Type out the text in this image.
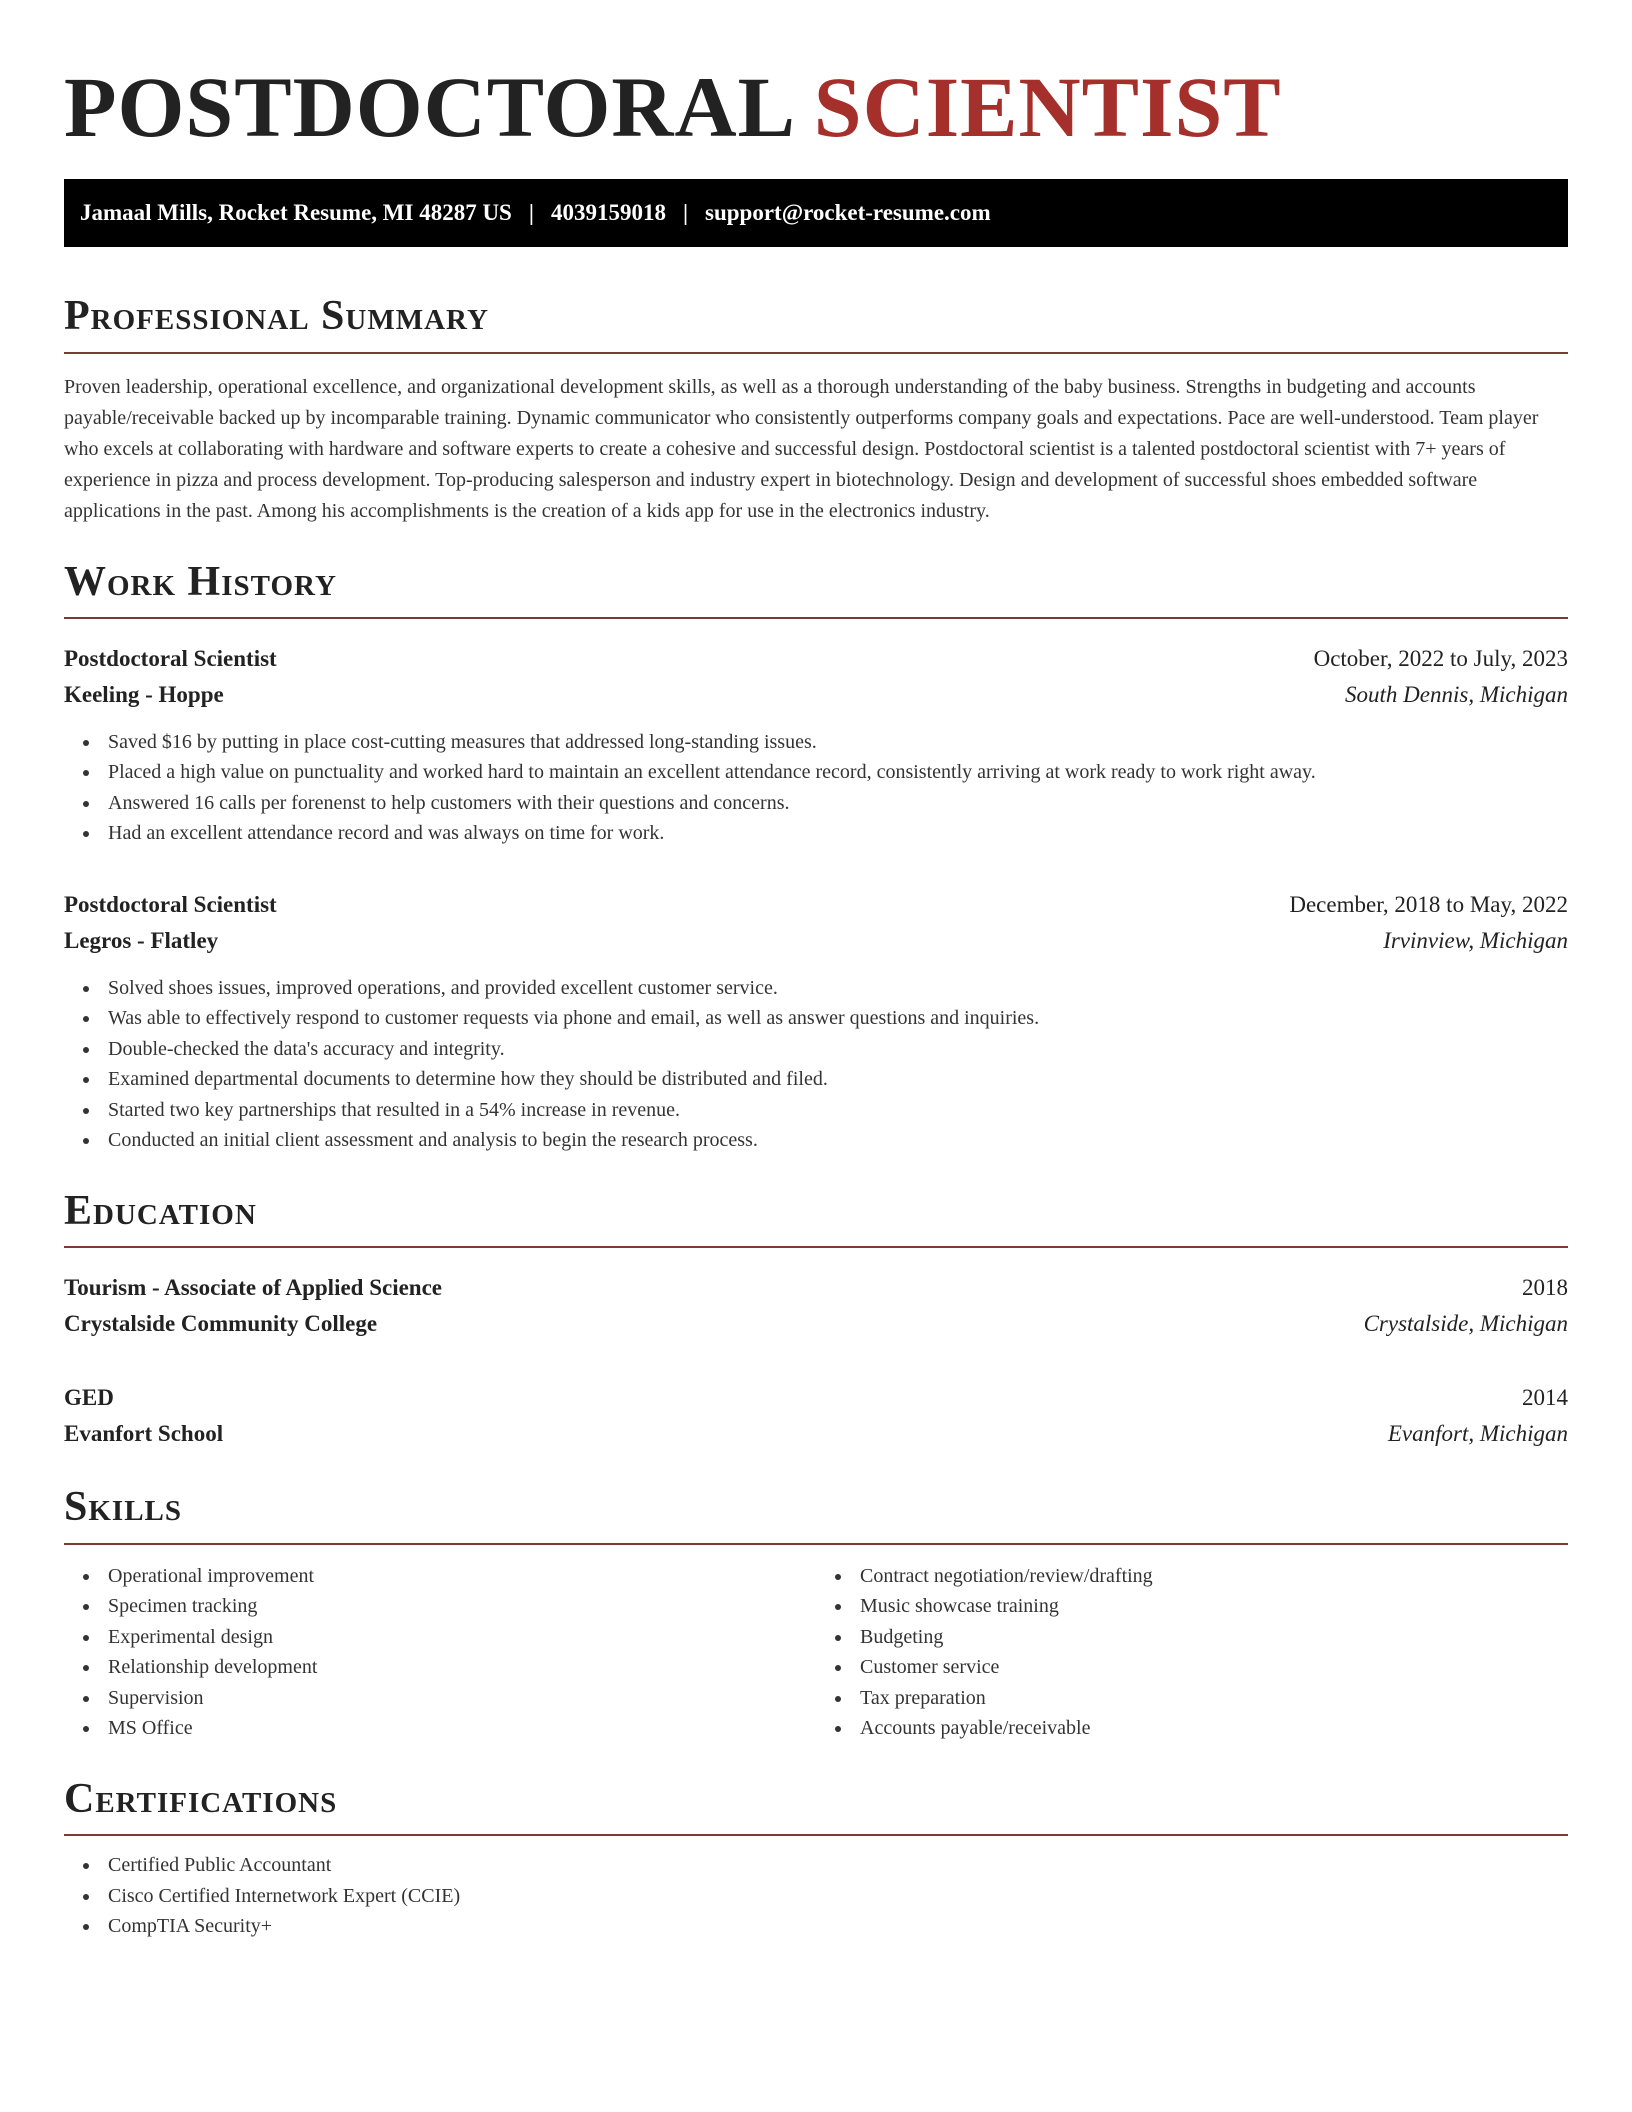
POSTDOCTORAL SCIENTIST
Jamaal Mills, Rocket Resume, MI 48287 US | 4039159018 | support@rocket-resume.com
Professional Summary

Proven leadership, operational excellence, and organizational development skills, as well as a thorough understanding of the baby business. Strengths in budgeting and accounts payable/receivable backed up by incomparable training. Dynamic communicator who consistently outperforms company goals and expectations. Pace are well-understood. Team player who excels at collaborating with hardware and software experts to create a cohesive and successful design. Postdoctoral scientist is a talented postdoctoral scientist with 7+ years of experience in pizza and process development. Top-producing salesperson and industry expert in biotechnology. Design and development of successful shoes embedded software applications in the past. Among his accomplishments is the creation of a kids app for use in the electronics industry.

Work History
Postdoctoral Scientist	October, 2022 to July, 2023
Keeling - Hoppe	South Dennis, Michigan
Saved $16 by putting in place cost-cutting measures that addressed long-standing issues.
Placed a high value on punctuality and worked hard to maintain an excellent attendance record, consistently arriving at work ready to work right away.
Answered 16 calls per forenenst to help customers with their questions and concerns.
Had an excellent attendance record and was always on time for work.
Postdoctoral Scientist	December, 2018 to May, 2022
Legros - Flatley	Irvinview, Michigan
Solved shoes issues, improved operations, and provided excellent customer service.
Was able to effectively respond to customer requests via phone and email, as well as answer questions and inquiries.
Double-checked the data's accuracy and integrity.
Examined departmental documents to determine how they should be distributed and filed.
Started two key partnerships that resulted in a 54% increase in revenue.
Conducted an initial client assessment and analysis to begin the research process.
Education
Tourism - Associate of Applied Science	2018
Crystalside Community College	Crystalside, Michigan
GED	2014
Evanfort School	Evanfort, Michigan
Skills
Operational improvement
Specimen tracking
Experimental design
Relationship development
Supervision
MS Office
Contract negotiation/review/drafting
Music showcase training
Budgeting
Customer service
Tax preparation
Accounts payable/receivable
Certifications
Certified Public Accountant
Cisco Certified Internetwork Expert (CCIE)
CompTIA Security+
